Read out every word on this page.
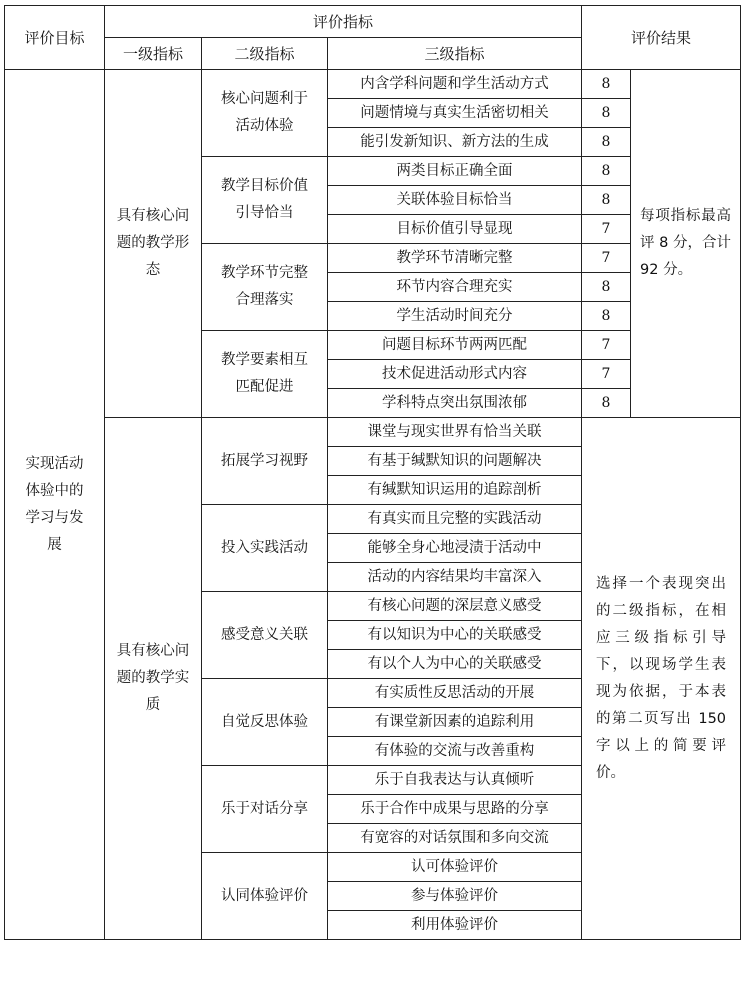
评价目标	评价指标			评价结果	
	一级指标	二级指标	三级指标		
实现活动体验中的学习与发展	具有核心问题的教学形态	核心问题利于活动体验	内含学科问题和学生活动方式	8	每项指标最高评 8 分，合计 92 分。
			问题情境与真实生活密切相关	8	
			能引发新知识、新方法的生成	8	
		教学目标价值引导恰当	两类目标正确全面	8	
			关联体验目标恰当	8	
			目标价值引导显现	7	
		教学环节完整合理落实	教学环节清晰完整	7	
			环节内容合理充实	8	
			学生活动时间充分	8	
		教学要素相互匹配促进	问题目标环节两两匹配	7	
			技术促进活动形式内容	7	
			学科特点突出氛围浓郁	8	
	具有核心问题的教学实质	拓展学习视野	课堂与现实世界有恰当关联	选择一个表现突出的二级指标，在相应三级指标引导下，以现场学生表现为依据，于本表的第二页写出 150 字以上的简要评价。	
			有基于缄默知识的问题解决		
			有缄默知识运用的追踪剖析		
		投入实践活动	有真实而且完整的实践活动		
			能够全身心地浸渍于活动中		
			活动的内容结果均丰富深入		
		感受意义关联	有核心问题的深层意义感受		
			有以知识为中心的关联感受		
			有以个人为中心的关联感受		
		自觉反思体验	有实质性反思活动的开展		
			有课堂新因素的追踪利用		
			有体验的交流与改善重构		
		乐于对话分享	乐于自我表达与认真倾听		
			乐于合作中成果与思路的分享		
			有宽容的对话氛围和多向交流		
		认同体验评价	认可体验评价		
			参与体验评价		
			利用体验评价		
